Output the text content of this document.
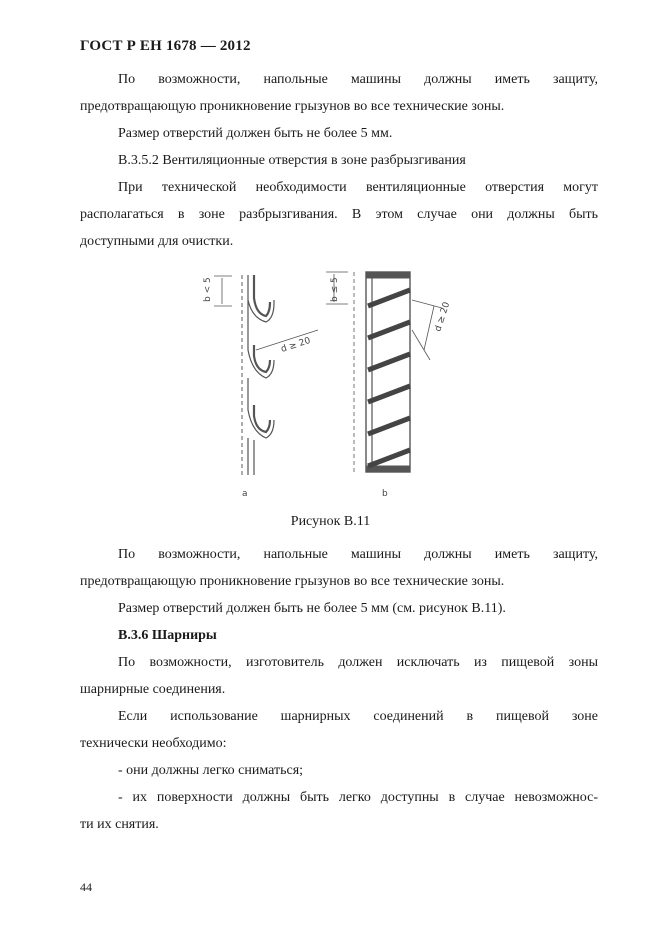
ГОСТ Р ЕН 1678 — 2012

По возможности, напольные машины должны иметь защиту,

предотвращающую проникновение грызунов во все технические зоны.

Размер отверстий должен быть не более 5 мм.

В.3.5.2 Вентиляционные отверстия в зоне разбрызгивания

При технической необходимости вентиляционные отверстия могут

располагаться в зоне разбрызгивания. В этом случае они должны быть

доступными для очистки.

b < 5
d ≥ 20
a
b ≤ 5
d ≥ 20
b
Рисунок В.11

По возможности, напольные машины должны иметь защиту,

предотвращающую проникновение грызунов во все технические зоны.

Размер отверстий должен быть не более 5 мм (см. рисунок В.11).

В.3.6 Шарниры

По возможности, изготовитель должен исключать из пищевой зоны

шарнирные соединения.

Если использование шарнирных соединений в пищевой зоне

технически необходимо:

- они должны легко сниматься;

- их поверхности должны быть легко доступны в случае невозможнос-

ти их снятия.

44
